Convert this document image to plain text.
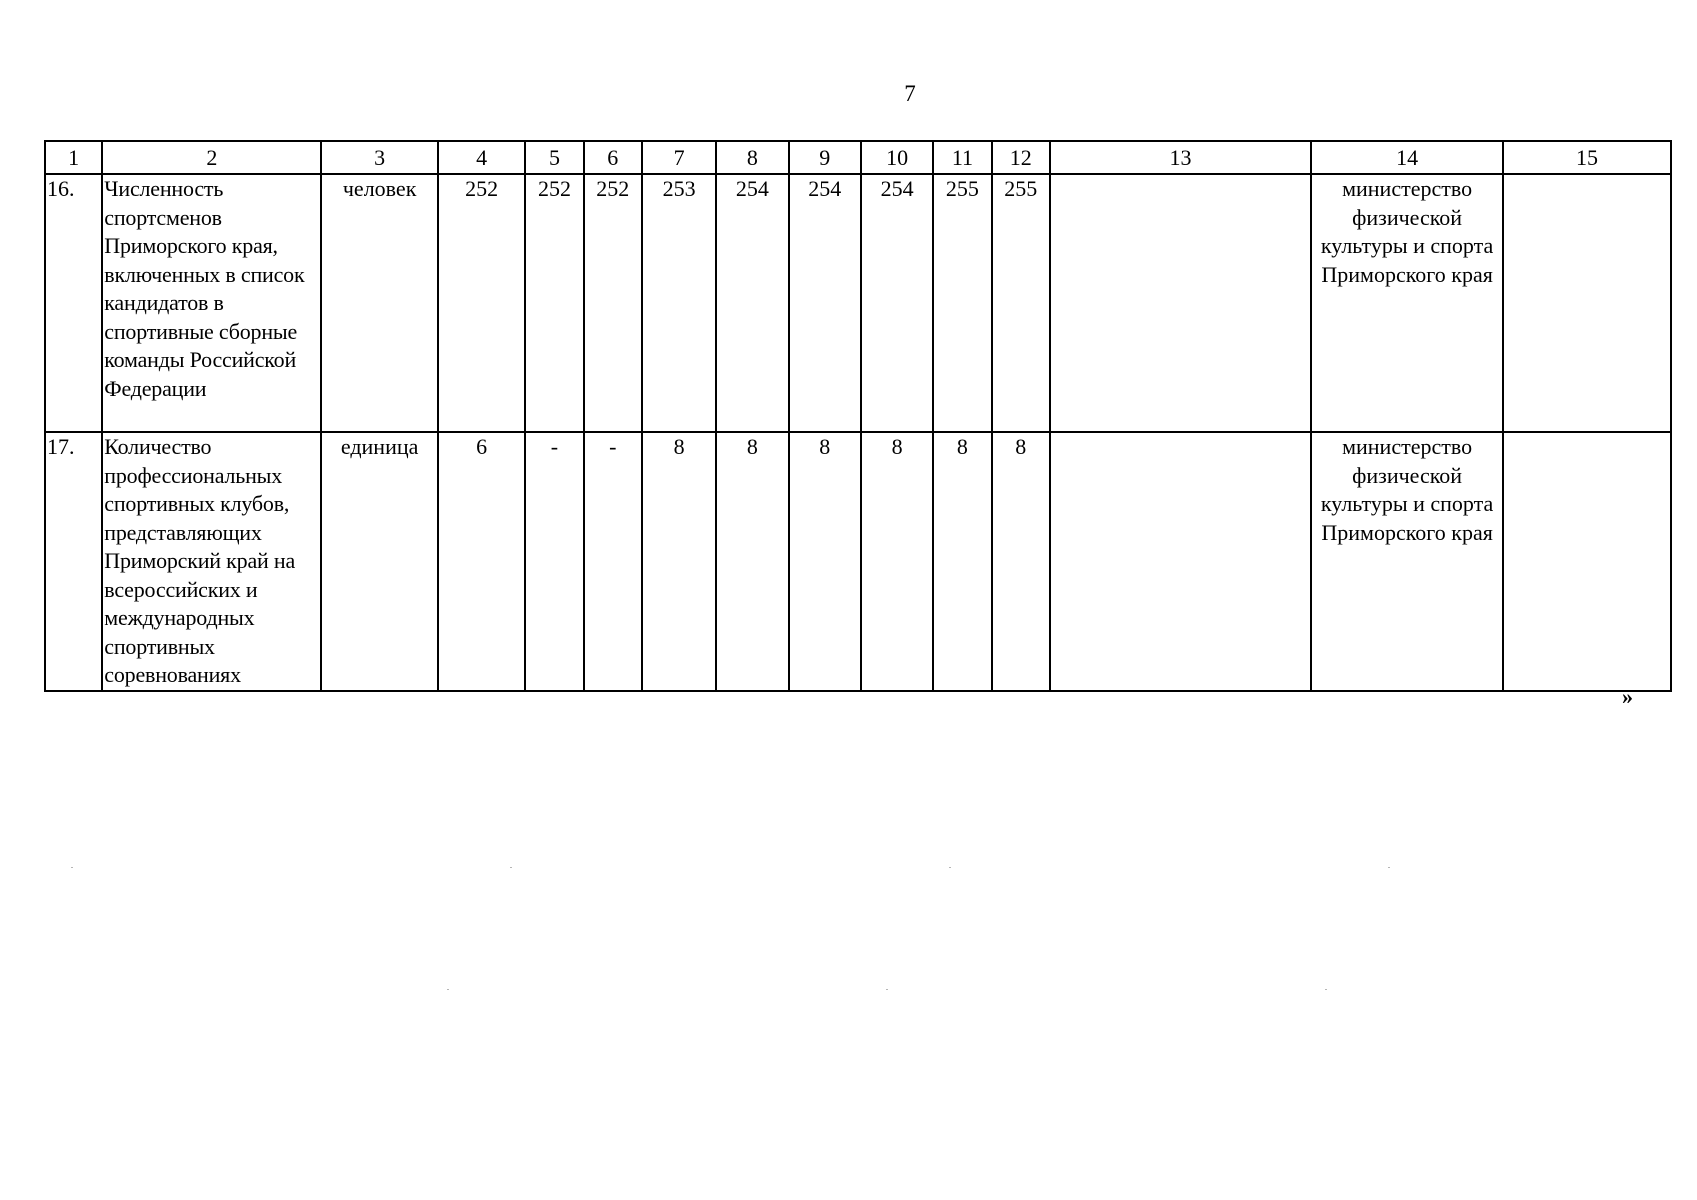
7
1	2	3	4	5	6	7	8	9	10	11	12	13	14	15
16.	Численность спортсменов Приморского края, включенных в список кандидатов в спортивные сборные команды Российской Федерации	человек	252	252	252	253	254	254	254	255	255		министерство физической культуры и спорта Приморского края	
17.	Количество профессиональных спортивных клубов, представляющих Приморский край на всероссийских и международных спортивных соревнованиях	единица	6	-	-	8	8	8	8	8	8		министерство физической культуры и спорта Приморского края	
»
